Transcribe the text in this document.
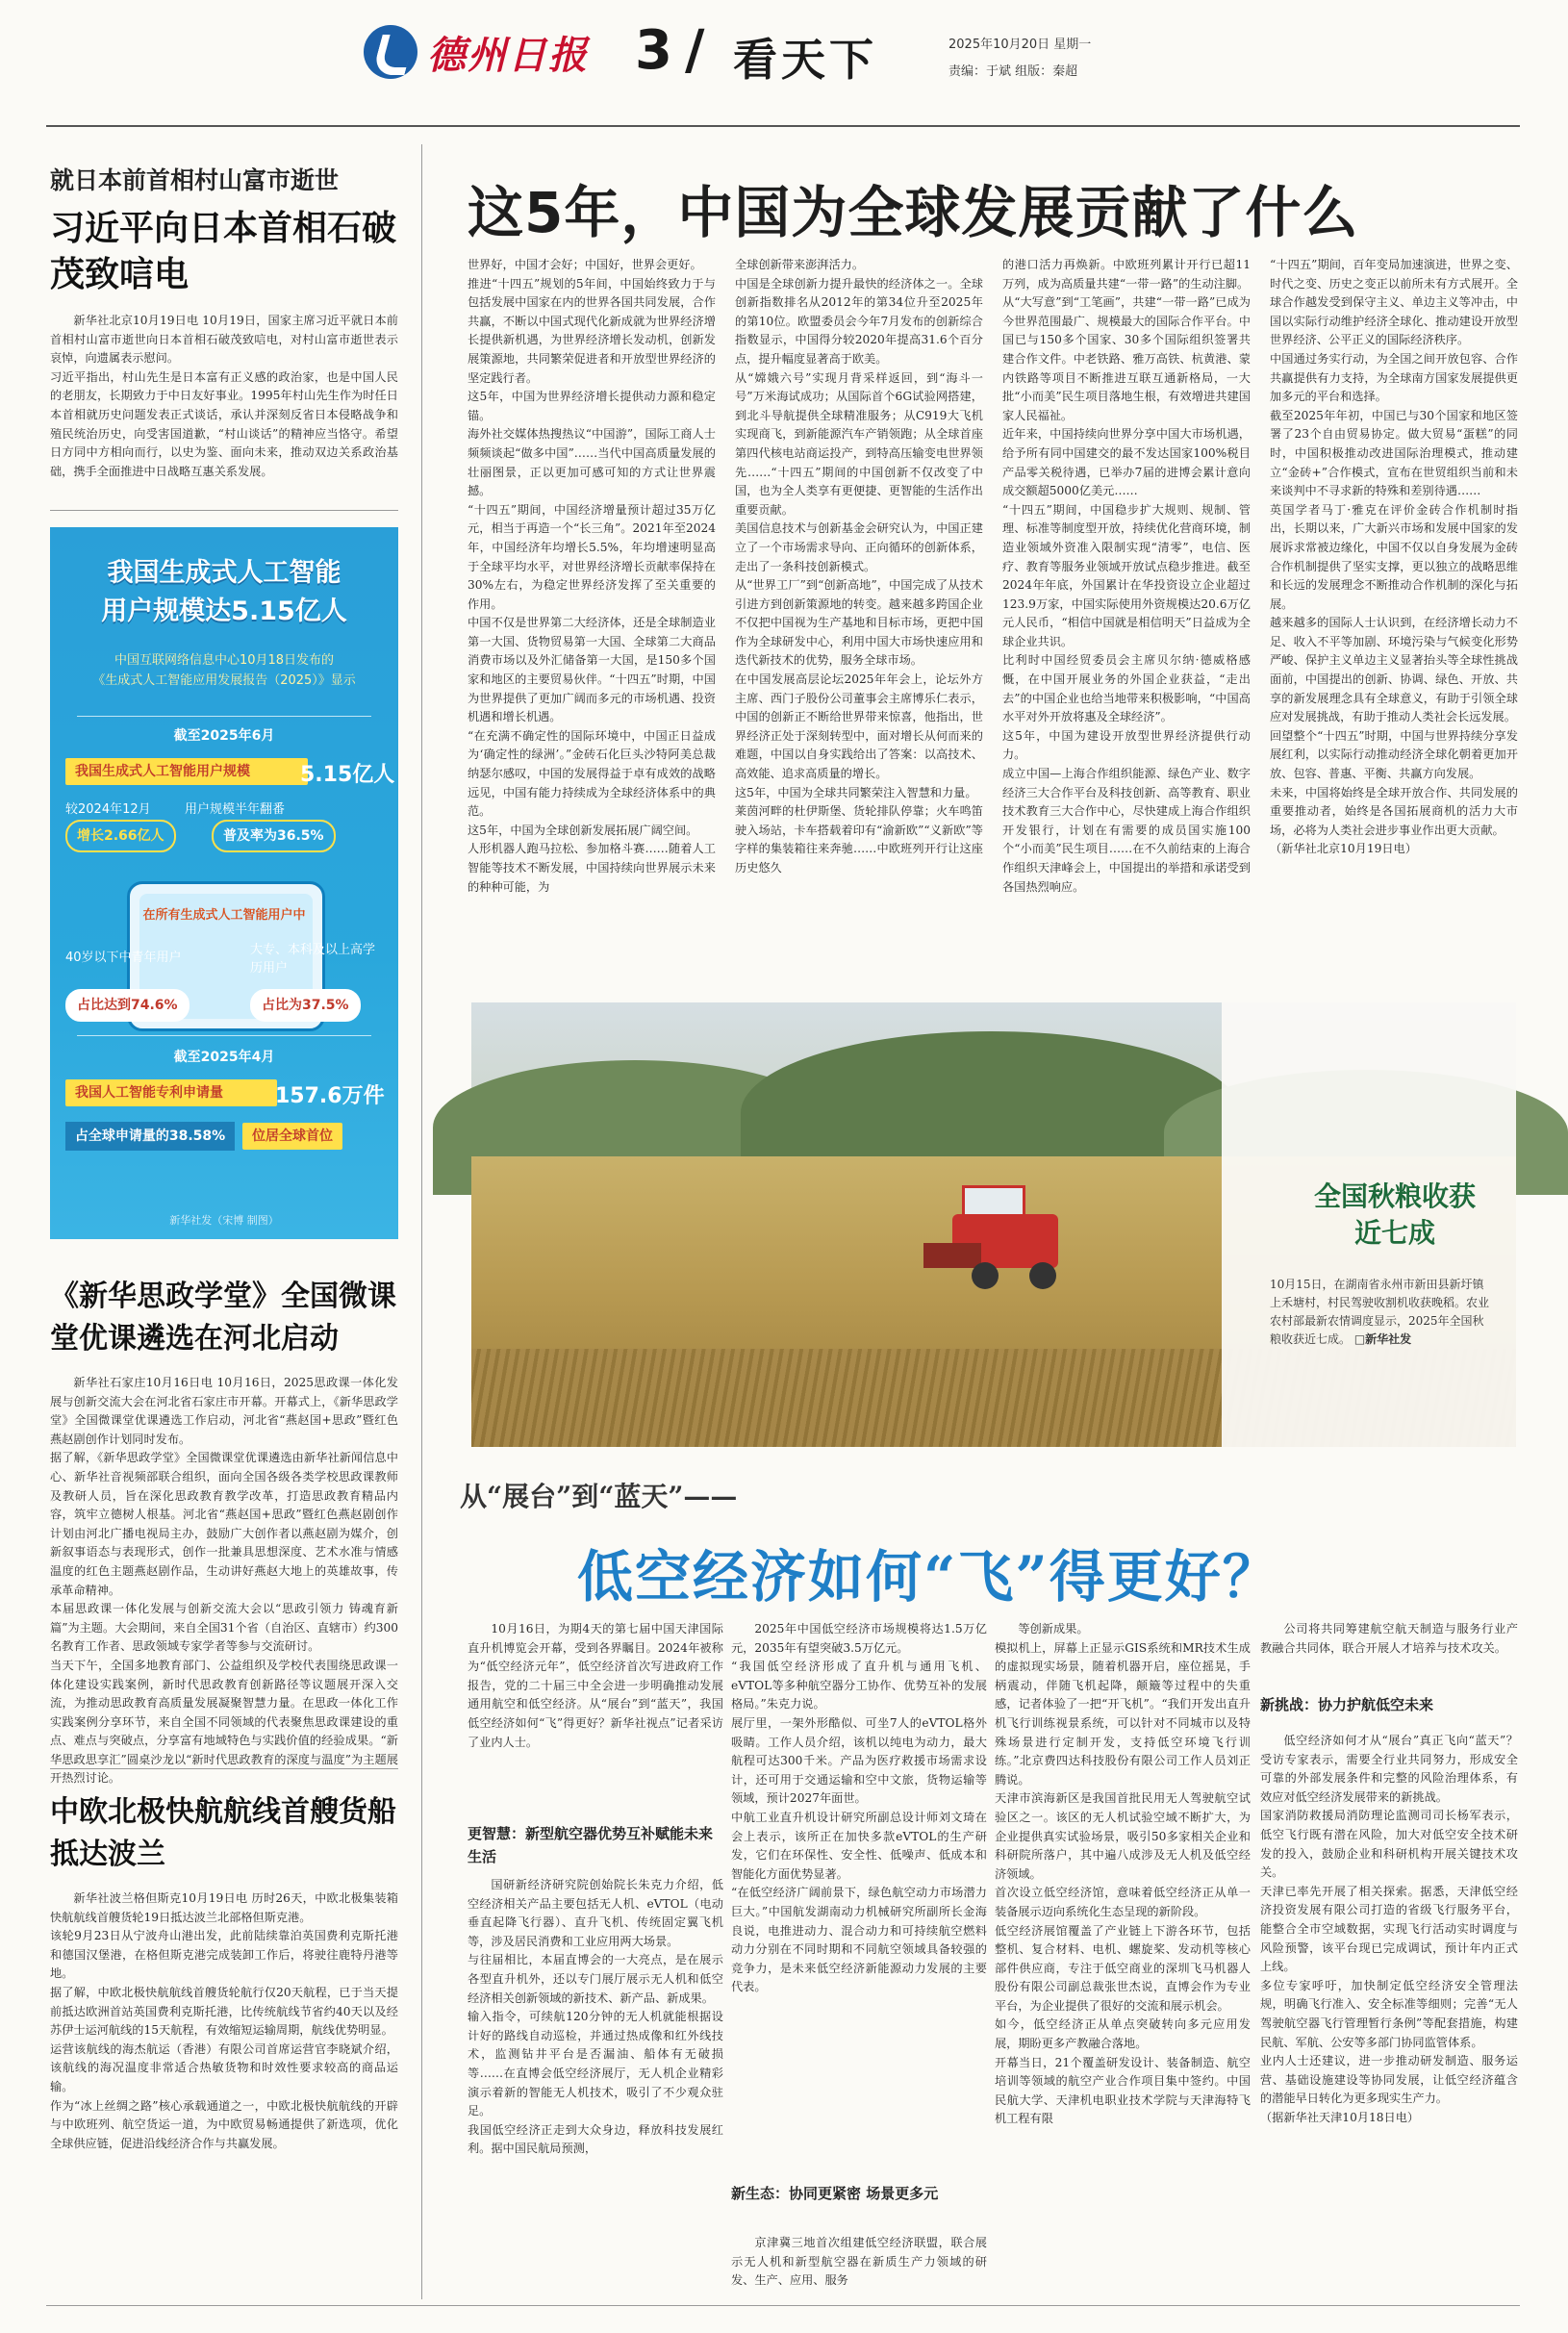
德州日报 3 / 看天下	2025年10月20日 星期一
责编：于斌 组版：秦超
就日本前首相村山富市逝世
习近平向日本首相石破茂致唁电
新华社北京10月19日电 10月19日，国家主席习近平就日本前首相村山富市逝世向日本首相石破茂致唁电，对村山富市逝世表示哀悼，向遗属表示慰问。
习近平指出，村山先生是日本富有正义感的政治家，也是中国人民的老朋友，长期致力于中日友好事业。1995年村山先生作为时任日本首相就历史问题发表正式谈话，承认并深刻反省日本侵略战争和殖民统治历史，向受害国道歉，“村山谈话”的精神应当恪守。希望日方同中方相向而行，以史为鉴、面向未来，推动双边关系政治基础，携手全面推进中日战略互惠关系发展。
我国生成式人工智能
用户规模达5.15亿人
中国互联网络信息中心10月18日发布的
《生成式人工智能应用发展报告（2025）》显示
截至2025年6月
我国生成式人工智能用户规模	5.15亿人
较2024年12月	用户规模半年翻番
增长2.66亿人	普及率为36.5%
在所有生成式人工智能用户中
40岁以下中青年用户
大专、本科及以上高学历用户
占比达到74.6%	占比为37.5%
截至2025年4月
我国人工智能专利申请量	157.6万件
占全球申请量的38.58%	位居全球首位
新华社发（宋博 制图）
《新华思政学堂》全国微课堂优课遴选在河北启动
新华社石家庄10月16日电 10月16日，2025思政课一体化发展与创新交流大会在河北省石家庄市开幕。开幕式上，《新华思政学堂》全国微课堂优课遴选工作启动，河北省“燕赵国+思政”暨红色燕赵剧创作计划同时发布。
据了解，《新华思政学堂》全国微课堂优课遴选由新华社新闻信息中心、新华社音视频部联合组织，面向全国各级各类学校思政课教师及教研人员，旨在深化思政教育教学改革，打造思政教育精品内容，筑牢立德树人根基。河北省“燕赵国+思政”暨红色燕赵剧创作计划由河北广播电视局主办，鼓励广大创作者以燕赵剧为媒介，创新叙事语态与表现形式，创作一批兼具思想深度、艺术水准与情感温度的红色主题燕赵剧作品，生动讲好燕赵大地上的英雄故事，传承革命精神。
本届思政课一体化发展与创新交流大会以“思政引领力 铸魂育新篇”为主题。大会期间，来自全国31个省（自治区、直辖市）约300名教育工作者、思政领域专家学者等参与交流研讨。
当天下午，全国多地教育部门、公益组织及学校代表围绕思政课一体化建设实践案例，新时代思政教育创新路径等议题展开深入交流，为推动思政教育高质量发展凝聚智慧力量。在思政一体化工作实践案例分享环节，来自全国不同领域的代表聚焦思政课建设的重点、难点与突破点，分享富有地域特色与实践价值的经验成果。“新华思政思享汇”圆桌沙龙以“新时代思政教育的深度与温度”为主题展开热烈讨论。
中欧北极快航航线首艘货船抵达波兰
新华社波兰格但斯克10月19日电 历时26天，中欧北极集装箱快航航线首艘货轮19日抵达波兰北部格但斯克港。
该轮9月23日从宁波舟山港出发，此前陆续靠泊英国费利克斯托港和德国汉堡港，在格但斯克港完成装卸工作后，将驶往鹿特丹港等地。
据了解，中欧北极快航航线首艘货轮航行仅20天航程，已于当天提前抵达欧洲首站英国费利克斯托港，比传统航线节省约40天以及经苏伊士运河航线的15天航程，有效缩短运输周期，航线优势明显。
运营该航线的海杰航运（香港）有限公司首席运营官李晓斌介绍，该航线的海况温度非常适合热敏货物和时效性要求较高的商品运输。
作为“冰上丝绸之路”核心承载通道之一，中欧北极快航航线的开辟与中欧班列、航空货运一道，为中欧贸易畅通提供了新选项，优化全球供应链，促进沿线经济合作与共赢发展。
这5年，中国为全球发展贡献了什么
世界好，中国才会好；中国好，世界会更好。
推进“十四五”规划的5年间，中国始终致力于与包括发展中国家在内的世界各国共同发展，合作共赢，不断以中国式现代化新成就为世界经济增长提供新机遇，为世界经济增长发动机，创新发展策源地，共同繁荣促进者和开放型世界经济的坚定践行者。
这5年，中国为世界经济增长提供动力源和稳定锚。
海外社交媒体热搜热议“中国游”，国际工商人士频频谈起“做多中国”……当代中国高质量发展的壮丽图景，正以更加可感可知的方式让世界震撼。
“十四五”期间，中国经济增量预计超过35万亿元，相当于再造一个“长三角”。2021年至2024年，中国经济年均增长5.5%，年均增速明显高于全球平均水平，对世界经济增长贡献率保持在30%左右，为稳定世界经济发挥了至关重要的作用。
中国不仅是世界第二大经济体，还是全球制造业第一大国、货物贸易第一大国、全球第二大商品消费市场以及外汇储备第一大国，是150多个国家和地区的主要贸易伙伴。“十四五”时期，中国为世界提供了更加广阔而多元的市场机遇、投资机遇和增长机遇。
“在充满不确定性的国际环境中，中国正日益成为‘确定性的绿洲’。”金砖石化巨头沙特阿美总裁纳瑟尔感叹，中国的发展得益于卓有成效的战略远见，中国有能力持续成为全球经济体系中的典范。
这5年，中国为全球创新发展拓展广阔空间。
人形机器人跑马拉松、参加格斗赛……随着人工智能等技术不断发展，中国持续向世界展示未来的种种可能，为
全球创新带来澎湃活力。
中国是全球创新力提升最快的经济体之一。全球创新指数排名从2012年的第34位升至2025年的第10位。欧盟委员会今年7月发布的创新综合指数显示，中国得分较2020年提高31.6个百分点，提升幅度显著高于欧美。
从“嫦娥六号”实现月背采样返回，到“海斗一号”万米海试成功；从国际首个6G试验网搭建，到北斗导航提供全球精准服务；从C919大飞机实现商飞，到新能源汽车产销领跑；从全球首座第四代核电站商运投产，到特高压输变电世界领先……“十四五”期间的中国创新不仅改变了中国，也为全人类享有更便捷、更智能的生活作出重要贡献。
美国信息技术与创新基金会研究认为，中国正建立了一个市场需求导向、正向循环的创新体系，走出了一条科技创新模式。
从“世界工厂”到“创新高地”，中国完成了从技术引进方到创新策源地的转变。越来越多跨国企业不仅把中国视为生产基地和目标市场，更把中国作为全球研发中心，利用中国大市场快速应用和迭代新技术的优势，服务全球市场。
在中国发展高层论坛2025年年会上，论坛外方主席、西门子股份公司董事会主席博乐仁表示，中国的创新正不断给世界带来惊喜，他指出，世界经济正处于深刻转型中，面对增长从何而来的难题，中国以自身实践给出了答案：以高技术、高效能、追求高质量的增长。
这5年，中国为全球共同繁荣注入智慧和力量。
莱茵河畔的杜伊斯堡、货轮排队停靠；火车鸣笛驶入场站，卡车搭载着印有“渝新欧”“义新欧”等字样的集装箱往来奔驰……中欧班列开行让这座历史悠久
的港口活力再焕新。中欧班列累计开行已超11万列，成为高质量共建“一带一路”的生动注脚。
从“大写意”到“工笔画”，共建“一带一路”已成为今世界范围最广、规模最大的国际合作平台。中国已与150多个国家、30多个国际组织签署共建合作文件。中老铁路、雅万高铁、杭黄港、蒙内铁路等项目不断推进互联互通新格局，一大批“小而美”民生项目落地生根，有效增进共建国家人民福祉。
近年来，中国持续向世界分享中国大市场机遇，给予所有同中国建交的最不发达国家100%税目产品零关税待遇，已举办7届的进博会累计意向成交额超5000亿美元……
“十四五”期间，中国稳步扩大规则、规制、管理、标准等制度型开放，持续优化营商环境，制造业领域外资准入限制实现“清零”，电信、医疗、教育等服务业领域开放试点稳步推进。截至2024年年底，外国累计在华投资设立企业超过123.9万家，中国实际使用外资规模达20.6万亿元人民币，“相信中国就是相信明天”日益成为全球企业共识。
比利时中国经贸委员会主席贝尔纳·德威格感慨，在中国开展业务的外国企业获益，“走出去”的中国企业也给当地带来积极影响，“中国高水平对外开放将惠及全球经济”。
这5年，中国为建设开放型世界经济提供行动力。
成立中国—上海合作组织能源、绿色产业、数字经济三大合作平台及科技创新、高等教育、职业技术教育三大合作中心，尽快建成上海合作组织开发银行，计划在有需要的成员国实施100个“小而美”民生项目……在不久前结束的上海合作组织天津峰会上，中国提出的举措和承诺受到各国热烈响应。
“十四五”期间，百年变局加速演进，世界之变、时代之变、历史之变正以前所未有方式展开。全球合作越发受到保守主义、单边主义等冲击，中国以实际行动维护经济全球化、推动建设开放型世界经济、公平正义的国际经济秩序。
中国通过务实行动，为全国之间开放包容、合作共赢提供有力支持，为全球南方国家发展提供更加多元的平台和选择。
截至2025年年初，中国已与30个国家和地区签署了23个自由贸易协定。做大贸易“蛋糕”的同时，中国积极推动改进国际治理模式，推动建立“金砖+”合作模式，宣布在世贸组织当前和未来谈判中不寻求新的特殊和差别待遇……
英国学者马丁·雅克在评价金砖合作机制时指出，长期以来，广大新兴市场和发展中国家的发展诉求常被边缘化，中国不仅以自身发展为金砖合作机制提供了坚实支撑，更以独立的战略思维和长远的发展理念不断推动合作机制的深化与拓展。
越来越多的国际人士认识到，在经济增长动力不足、收入不平等加剧、环境污染与气候变化形势严峻、保护主义单边主义显著抬头等全球性挑战面前，中国提出的创新、协调、绿色、开放、共享的新发展理念具有全球意义，有助于引领全球应对发展挑战，有助于推动人类社会长远发展。
回望整个“十四五”时期，中国与世界持续分享发展红利，以实际行动推动经济全球化朝着更加开放、包容、普惠、平衡、共赢方向发展。
未来，中国将始终是全球开放合作、共同发展的重要推动者，始终是各国拓展商机的活力大市场，必将为人类社会进步事业作出更大贡献。
（新华社北京10月19日电）
全国秋粮收获近七成
10月15日，在湖南省永州市新田县新圩镇上禾塘村，村民驾驶收割机收获晚稻。农业农村部最新农情调度显示，2025年全国秋粮收获近七成。 □新华社发
从“展台”到“蓝天”——
低空经济如何“飞”得更好？
10月16日，为期4天的第七届中国天津国际直升机博览会开幕，受到各界瞩目。2024年被称为“低空经济元年”，低空经济首次写进政府工作报告，党的二十届三中全会进一步明确推动发展通用航空和低空经济。从“展台”到“蓝天”，我国低空经济如何“飞”得更好？新华社视点”记者采访了业内人士。
更智慧：新型航空器优势互补赋能未来生活
国研新经济研究院创始院长朱克力介绍，低空经济相关产品主要包括无人机、eVTOL（电动垂直起降飞行器）、直升飞机、传统固定翼飞机等，涉及居民消费和工业应用两大场景。
与往届相比，本届直博会的一大亮点，是在展示各型直升机外，还以专门展厅展示无人机和低空经济相关创新领域的新技术、新产品、新成果。
输入指令，可续航120分钟的无人机就能根据设计好的路线自动巡检，并通过热成像和红外线技术，监测钻井平台是否漏油、船体有无破损等……在直博会低空经济展厅，无人机企业精彩演示着新的智能无人机技术，吸引了不少观众驻足。
我国低空经济正走到大众身边，释放科技发展红利。据中国民航局预测，
2025年中国低空经济市场规模将达1.5万亿元，2035年有望突破3.5万亿元。
“我国低空经济形成了直升机与通用飞机、eVTOL等多种航空器分工协作、优势互补的发展格局。”朱克力说。
展厅里，一架外形酷似、可坐7人的eVTOL格外吸睛。工作人员介绍，该机以纯电为动力，最大航程可达300千米。产品为医疗救援市场需求设计，还可用于交通运输和空中文旅，货物运输等领域，预计2027年面世。
中航工业直升机设计研究所副总设计师刘文琦在会上表示，该所正在加快多款eVTOL的生产研发，它们在环保性、安全性、低噪声、低成本和智能化方面优势显著。
“在低空经济广阔前景下，绿色航空动力市场潜力巨大。”中国航发湖南动力机械研究所副所长金海良说，电推进动力、混合动力和可持续航空燃料动力分别在不同时期和不同航空领域具备较强的竞争力，是未来低空经济新能源动力发展的主要代表。
新生态：协同更紧密 场景更多元
京津冀三地首次组建低空经济联盟，联合展示无人机和新型航空器在新质生产力领域的研发、生产、应用、服务
等创新成果。
模拟机上，屏幕上正显示GIS系统和MR技术生成的虚拟现实场景，随着机器开启，座位摇晃，手柄震动，伴随飞机起降，颠簸等过程中的失重感，记者体验了一把“开飞机”。“我们开发出直升机飞行训练视景系统，可以针对不同城市以及特殊场景进行定制开发，支持低空环境飞行训练。”北京费四达科技股份有限公司工作人员刘正腾说。
天津市滨海新区是我国首批民用无人驾驶航空试验区之一。该区的无人机试验空域不断扩大，为企业提供真实试验场景，吸引50多家相关企业和科研院所落户，其中遍八成涉及无人机及低空经济领域。
首次设立低空经济馆，意味着低空经济正从单一装备展示迈向系统化生态呈现的新阶段。
低空经济展馆覆盖了产业链上下游各环节，包括整机、复合材料、电机、螺旋桨、发动机等核心部件供应商，专注于低空商业的深圳飞马机器人股份有限公司副总裁张世杰说，直博会作为专业平台，为企业提供了很好的交流和展示机会。
如今，低空经济正从单点突破转向多元应用发展，期盼更多产教融合落地。
开幕当日，21个覆盖研发设计、装备制造、航空培训等领域的航空产业合作项目集中签约。中国民航大学、天津机电职业技术学院与天津海特飞机工程有限
公司将共同筹建航空航天制造与服务行业产教融合共同体，联合开展人才培养与技术攻关。
新挑战：协力护航低空未来
低空经济如何才从“展台”真正飞向“蓝天”？受访专家表示，需要全行业共同努力，形成安全可靠的外部发展条件和完整的风险治理体系，有效应对低空经济发展带来的新挑战。
国家消防救援局消防理论监测司司长杨军表示，低空飞行既有潜在风险，加大对低空安全技术研发的投入，鼓励企业和科研机构开展关键技术攻关。
天津已率先开展了相关探索。据悉，天津低空经济投资发展有限公司打造的省级飞行服务平台，能整合全市空域数据，实现飞行活动实时调度与风险预警，该平台现已完成调试，预计年内正式上线。
多位专家呼吁，加快制定低空经济安全管理法规，明确飞行准入、安全标准等细则；完善“无人驾驶航空器飞行管理暂行条例”等配套措施，构建民航、军航、公安等多部门协同监管体系。
业内人士还建议，进一步推动研发制造、服务运营、基础设施建设等协同发展，让低空经济蕴含的潜能早日转化为更多现实生产力。
（据新华社天津10月18日电）
